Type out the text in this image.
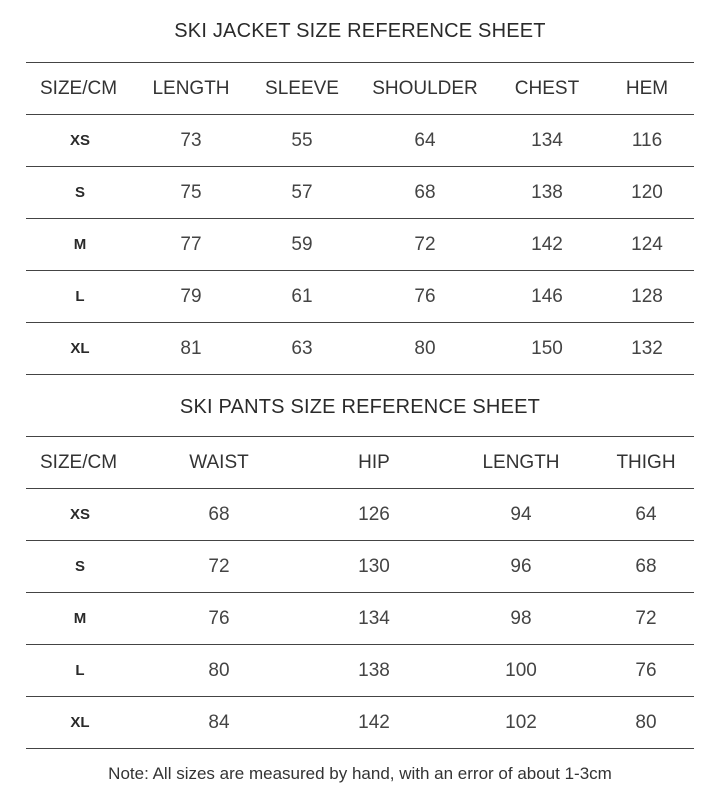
SKI JACKET SIZE REFERENCE SHEET
SIZE/CM	LENGTH	SLEEVE	SHOULDER	CHEST	HEM
XS	73	55	64	134	116
S	75	57	68	138	120
M	77	59	72	142	124
L	79	61	76	146	128
XL	81	63	80	150	132
SKI PANTS SIZE REFERENCE SHEET
SIZE/CM	WAIST	HIP	LENGTH	THIGH
XS	68	126	94	64
S	72	130	96	68
M	76	134	98	72
L	80	138	100	76
XL	84	142	102	80
Note: All sizes are measured by hand, with an error of about 1-3cm
